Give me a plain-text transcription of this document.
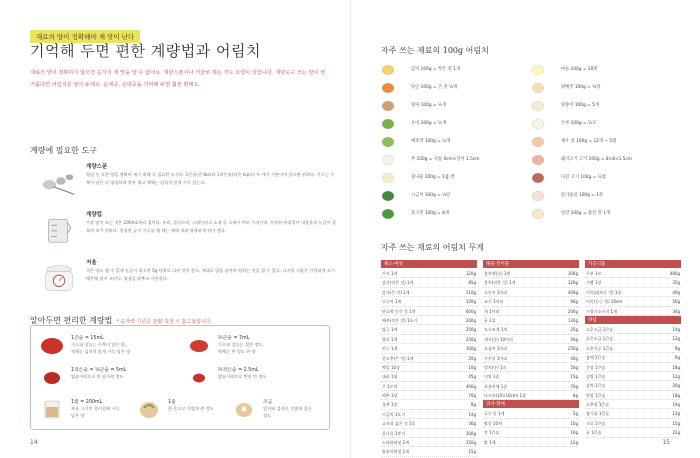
재료의 양이 정확해야 제 맛이 난다
기억해 두면 편한 계량법과 어림치
재료의 양이 정확하지 않으면 음식의 제 맛을 낼 수 없어요. 계량스푼이나 저울로 재는 것도 요령이 있답니다. 계량도구 쓰는 방이 번거롭다면 어림치를 알아 두세요. 눈대중, 손대중을 기억해 두면 훨씬 편해요.
계량에 필요한 도구
계량스푼
양념 등 적은 양을 정확히 재기 위해 꼭 필요한 도구다. 1큰술(큰 tbs)과 1작은술(작은 tsp)의 두 개가 기본이며 있으면 편하다. 가루는 수북이 담은 뒤 평평하게 깎아 재고 액체는 넘치지 않게 가득 담는다.
계량컵
가장 많이 쓰는 것은 200mL짜리 컵이다. 유리, 플라스틱, 스테인리스 소재 등 소재가 여러 가지인데, 투명한 유리컵이 내용물과 눈금이 잘 보여 쓰기 편하다. 일정한 높이 가루를 잴 때는 체에 내려 평평하게 깎아 잰다.
저울
적은 양도 잴 수 있게 눈금이 최소한 5g 단위로 나뉜 것이 좋다. 제대로 양을 달아야 원하는 맛을 낼 수 있다. 디지털 저울은 간편하게 쓰기 때문에 많이 쓰인다. 영점을 맞추고 사용한다.
알아두면 편리한 계량법 * 숟가락 기준은 분량 측정 시 참고용입니다.
1큰술 = 15mL
가루와 장류는 수북이 담은 양,
액체는 넘치지 않게 가득 담은 양
½큰술 = 7mL
가루와 장류는 절반 정도,
액체는 반 정도 찬 양
1작은술 = ⅓큰술 = 5mL
밥숟가락으로 반 숟가락 정도
½작은술 = 2.5mL
밥숟가락으로 반의 반 정도
1컵 = 200mL
보통 크기의 종이컵에 가득
담은 양
1줌
한 손으로 가볍게 쥔 정도
조금
엄지와 검지로 가볍게 집은
정도
14
자주 쓰는 재료의 100g 어림치
감자 100g = 작은 것 1개	마늘 100g = 20쪽
당근 100g = 큰 것 ⅓개	양배추 100g = ⅓장
양파 100g = ½개	양송이 100g = 5개
오이 100g = ½개	두부 100g = ⅓모
애호박 100g = ½개	새우 살 100g = 12개 ~ 5컵
무 100g = 지름 9cm×길이 1.5cm	돼지고기 고기 100g = 8×8×1.5cm
콩나물 100g = 1줌 반	다진 고기 100g = ½컵
시금치 100g = ⅓단	닭가슴살 100g = 1쪽
풋고추 100g = 8개	달걀 100g = 중간 것 1개
자주 쓰는 재료의 어림치 무게
채소·버섯
가지 1개	120g
감자(작은 것) 1개	85g
감자(큰 것) 1개	210g
고구마 1개	100g
단호박 중간 것 1개	600g
배추(작은 것) 1포기	200g
당근 1개	250g
양파 1개	250g
연근 1개	300g
풋고추(큰 것) 1개	20g
깻잎 10장	10g
대파 1대	45g
무 1토막	400g
배추 1장	70g
상추 1장	8g
시금치 1포기	14g
고사리 삶은 것 1줌	36g
콩나물 1봉지	300g
느타리버섯 1개	150g
양송이버섯 1개	15g
해물·건어물
참치캔(중) 1캔	100g
참치(작은 것) 1개	120g
고등어 1마리	400g
조기 1마리	90g
게 1마리	200g
굴 1컵	130g
모시조개 1개	25g
새우(중) 10마리	30g
오징어 1마리	250g
주꾸미 1마리	40g
멸치(중) 1줌	50g
미역 1줌	15g
오징어채 1줌	70g
다시마(10×10cm) 1장	8g
과자·열매
호두 알 1개	5g
땅콩 10개	10g
잣 1큰술	10g
밤 1개	12g
가공식품
두부 1모	480g
식빵 1장	35g
어묵(네모난 것) 1장	40g
어묵(둥근 것) 10cm	50g
프랑크소시지 1개	34g
양념
고운소금 1큰술	14g
굵은소금 1큰술	12g
고춧가루 1큰술	9g
참깨 1큰술	9g
간장 1큰술	18g
설탕 1큰술	12g
물엿 1큰술	20g
된장 1큰술	18g
고추장 1큰술	19g
참기름 1큰술	13g
식초 1큰술	15g
꿀 1큰술	22g
15
